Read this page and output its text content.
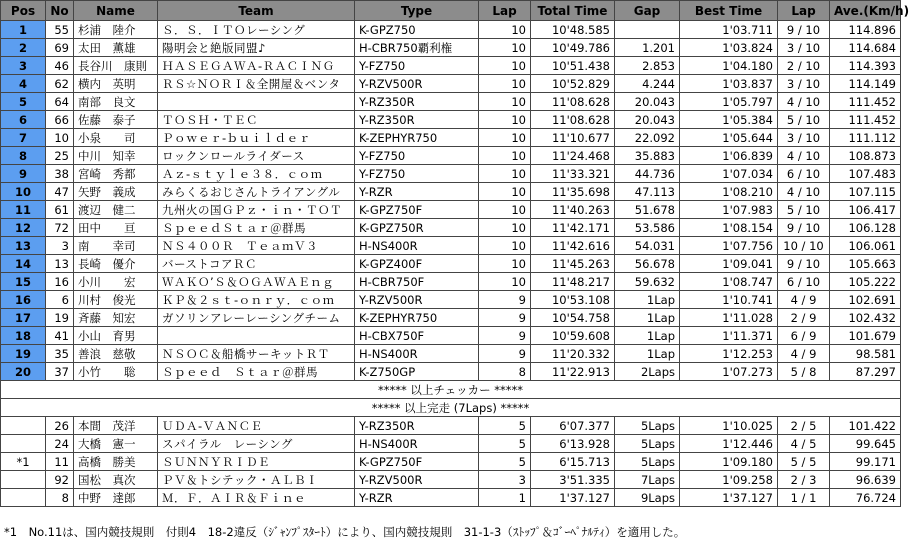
Pos	No	Name	Team	Type	Lap	Total Time	Gap	Best Time	Lap	Ave.(Km/h)
1	55	杉浦　陸介	Ｓ．Ｓ．ＩＴＯレーシング	K-GPZ750	10	10'48.585		1'03.711	9 / 10	114.896
2	69	太田　薫雄	陽明会と絶版同盟♪	H-CBR750覇利権	10	10'49.786	1.201	1'03.824	3 / 10	114.684
3	46	長谷川　康則	ＨＡＳＥＧＡＷＡ-ＲＡＣＩＮＧ	Y-FZ750	10	10'51.438	2.853	1'04.180	2 / 10	114.393
4	62	横内　英明	ＲＳ☆ＮＯＲＩ＆全開屋＆ベンタ	Y-RZV500R	10	10'52.829	4.244	1'03.837	3 / 10	114.149
5	64	南部　良文		Y-RZ350R	10	11'08.628	20.043	1'05.797	4 / 10	111.452
6	66	佐藤　泰子	ＴＯＳＨ・ＴＥＣ	Y-RZ350R	10	11'08.628	20.043	1'05.384	5 / 10	111.452
7	10	小泉　　司	Ｐｏｗｅｒ-ｂｕｉｌｄｅｒ	K-ZEPHYR750	10	11'10.677	22.092	1'05.644	3 / 10	111.112
8	25	中川　知幸	ロックンロールライダース	Y-FZ750	10	11'24.468	35.883	1'06.839	4 / 10	108.873
9	38	宮崎　秀都	Ａｚ-ｓｔｙｌｅ３８．ｃｏｍ	Y-FZ750	10	11'33.321	44.736	1'07.034	6 / 10	107.483
10	47	矢野　義成	みらくるおじさんトライアングル	Y-RZR	10	11'35.698	47.113	1'08.210	4 / 10	107.115
11	61	渡辺　健二	九州火の国ＧＰｚ・ｉｎ・ＴＯＴ	K-GPZ750F	10	11'40.263	51.678	1'07.983	5 / 10	106.417
12	72	田中　　亘	ＳｐｅｅｄＳｔａｒ＠群馬	K-GPZ750R	10	11'42.171	53.586	1'08.154	9 / 10	106.128
13	3	南　　幸司	ＮＳ４００Ｒ　ＴｅａｍＶ３	H-NS400R	10	11'42.616	54.031	1'07.756	10 / 10	106.061
14	13	長崎　優介	バーストコアＲＣ	K-GPZ400F	10	11'45.263	56.678	1'09.041	9 / 10	105.663
15	16	小川　　宏	ＷＡＫＯ’Ｓ＆ＯＧＡＷＡＥｎｇ	H-CBR750F	10	11'48.217	59.632	1'08.747	6 / 10	105.222
16	6	川村　俊光	ＫＰ＆２ｓｔ-ｏｎｒｙ．ｃｏｍ	Y-RZV500R	9	10'53.108	1Lap	1'10.741	4 / 9	102.691
17	19	斉藤　知宏	ガソリンアレーレーシングチーム	K-ZEPHYR750	9	10'54.758	1Lap	1'11.028	2 / 9	102.432
18	41	小山　育男		H-CBX750F	9	10'59.608	1Lap	1'11.371	6 / 9	101.679
19	35	善浪　慈敬	ＮＳＯＣ＆船橋サーキットＲＴ	H-NS400R	9	11'20.332	1Lap	1'12.253	4 / 9	98.581
20	37	小竹　　聡	Ｓｐｅｅｄ　Ｓｔａｒ＠群馬	K-Z750GP	8	11'22.913	2Laps	1'07.273	5 / 8	87.297
***** 以上チェッカー *****										
***** 以上完走 (7Laps) *****										
	26	本間　茂洋	ＵＤＡ-ＶＡＮＣＥ	Y-RZ350R	5	6'07.377	5Laps	1'10.025	2 / 5	101.422
	24	大橋　憲一	スパイラル　レーシング	H-NS400R	5	6'13.928	5Laps	1'12.446	4 / 5	99.645
*1	11	高橋　勝美	ＳＵＮＮＹＲＩＤＥ	K-GPZ750F	5	6'15.713	5Laps	1'09.180	5 / 5	99.171
	92	国松　真次	ＰＶ＆トシテック・ＡＬＢＩ	Y-RZV500R	3	3'51.335	7Laps	1'09.258	2 / 3	96.639
	8	中野　達郎	Ｍ．Ｆ．ＡＩＲ＆Ｆｉｎｅ	Y-RZR	1	1'37.127	9Laps	1'37.127	1 / 1	76.724
*1　No.11は、国内競技規則　付則4　18-2違反（ｼﾞｬﾝﾌﾟｽﾀｰﾄ）により、国内競技規則　31-1-3（ｽﾄｯﾌﾟ＆ｺﾞｰﾍﾟﾅﾙﾃｨ）を適用した。
